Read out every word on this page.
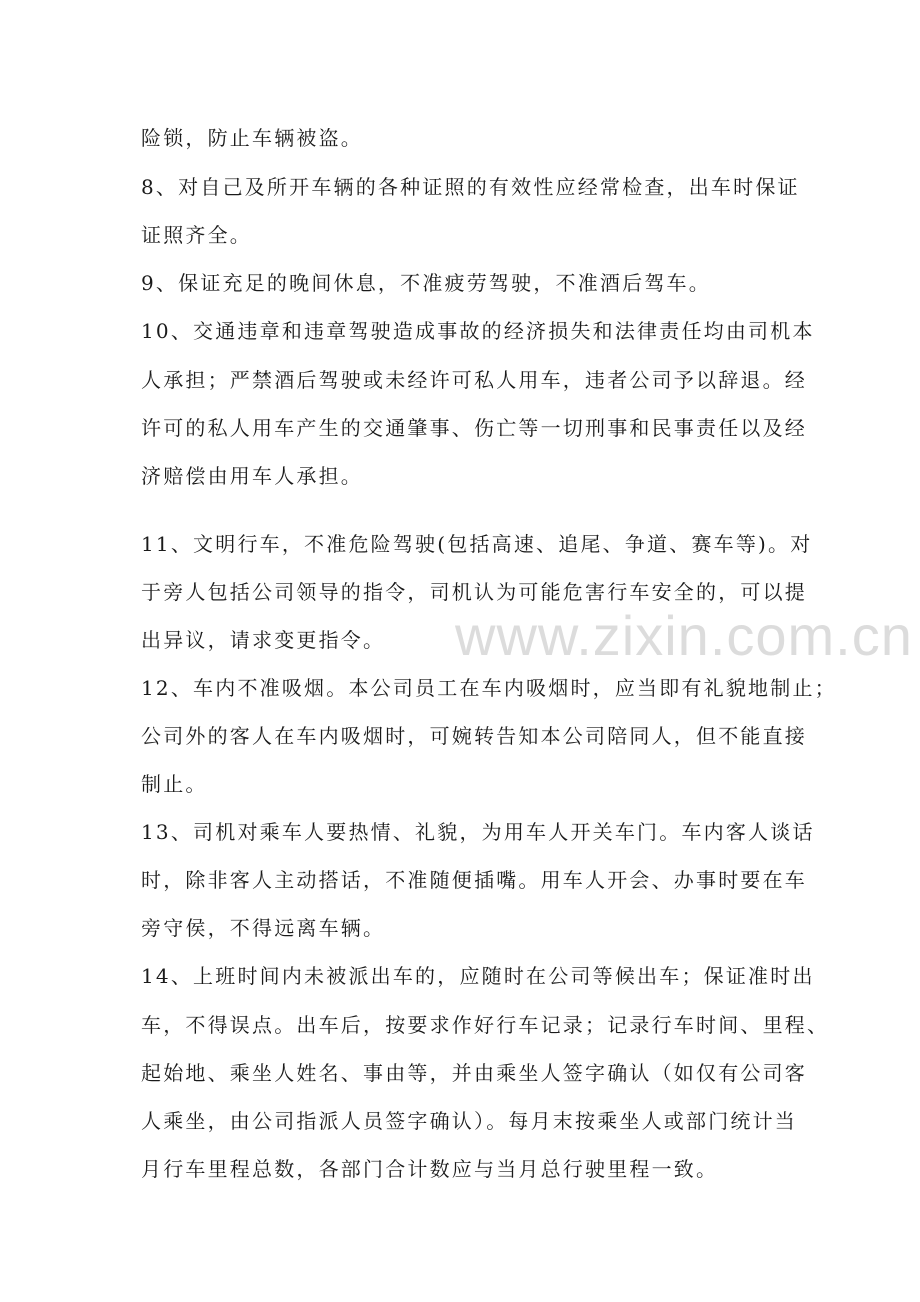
险锁，防止车辆被盗。
8、对自己及所开车辆的各种证照的有效性应经常检查，出车时保证
证照齐全。
9、保证充足的晚间休息，不准疲劳驾驶，不准酒后驾车。
10、交通违章和违章驾驶造成事故的经济损失和法律责任均由司机本
人承担；严禁酒后驾驶或未经许可私人用车，违者公司予以辞退。经
许可的私人用车产生的交通肇事、伤亡等一切刑事和民事责任以及经
济赔偿由用车人承担。
11、文明行车，不准危险驾驶(包括高速、追尾、争道、赛车等)。对
于旁人包括公司领导的指令，司机认为可能危害行车安全的，可以提
出异议，请求变更指令。
12、车内不准吸烟。本公司员工在车内吸烟时，应当即有礼貌地制止；
公司外的客人在车内吸烟时，可婉转告知本公司陪同人，但不能直接
制止。
13、司机对乘车人要热情、礼貌，为用车人开关车门。车内客人谈话
时，除非客人主动搭话，不准随便插嘴。用车人开会、办事时要在车
旁守侯，不得远离车辆。
14、上班时间内未被派出车的，应随时在公司等候出车；保证准时出
车，不得误点。出车后，按要求作好行车记录；记录行车时间、里程、
起始地、乘坐人姓名、事由等，并由乘坐人签字确认（如仅有公司客
人乘坐，由公司指派人员签字确认）。每月末按乘坐人或部门统计当
月行车里程总数，各部门合计数应与当月总行驶里程一致。
www.zixin.com.cn
